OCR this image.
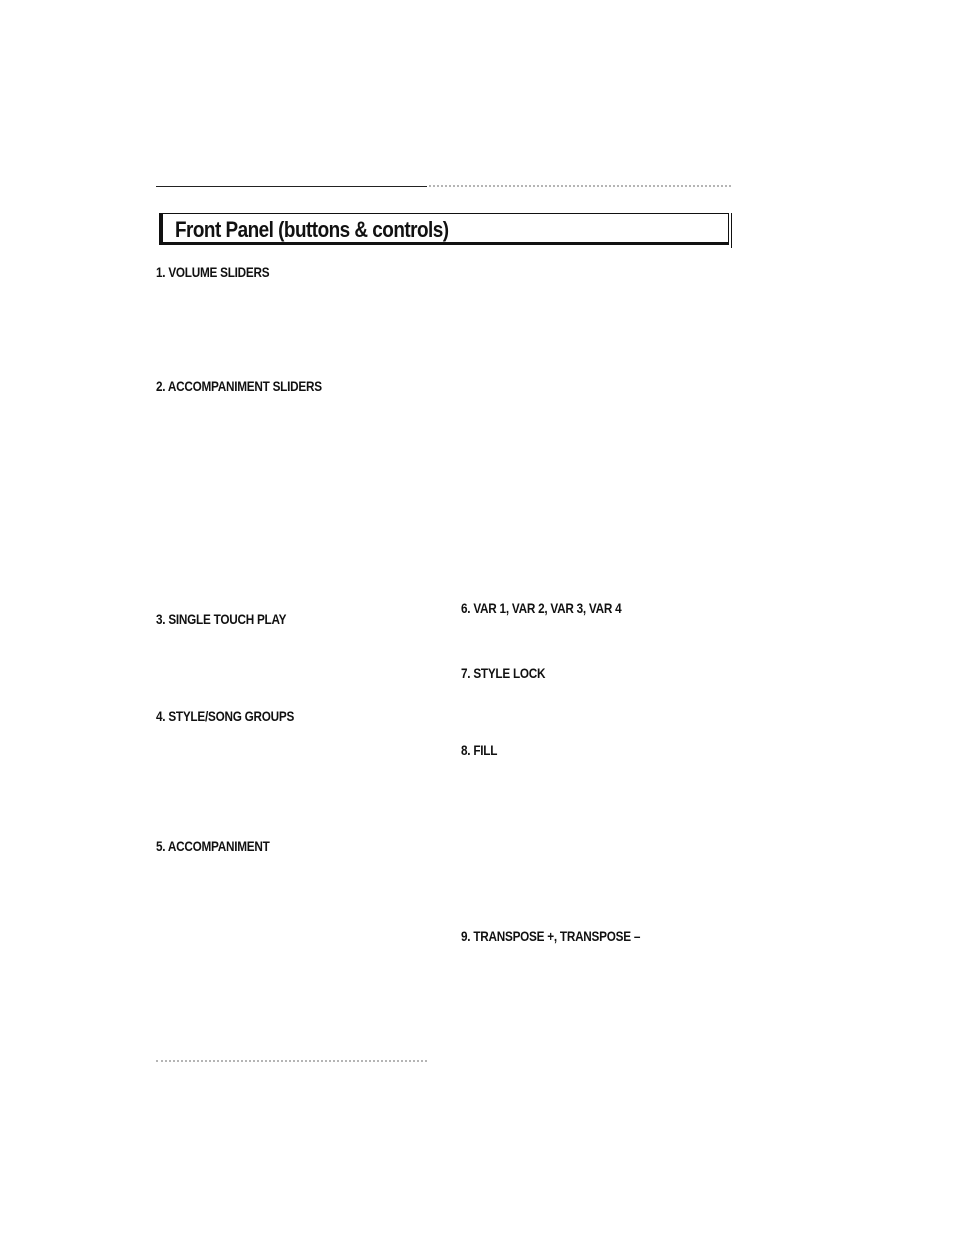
Front Panel (buttons & controls)
1. VOLUME SLIDERS
2. ACCOMPANIMENT SLIDERS
3. SINGLE TOUCH PLAY
4. STYLE/SONG GROUPS
5. ACCOMPANIMENT
6. VAR 1, VAR 2, VAR 3, VAR 4
7. STYLE LOCK
8. FILL
9. TRANSPOSE +, TRANSPOSE –
